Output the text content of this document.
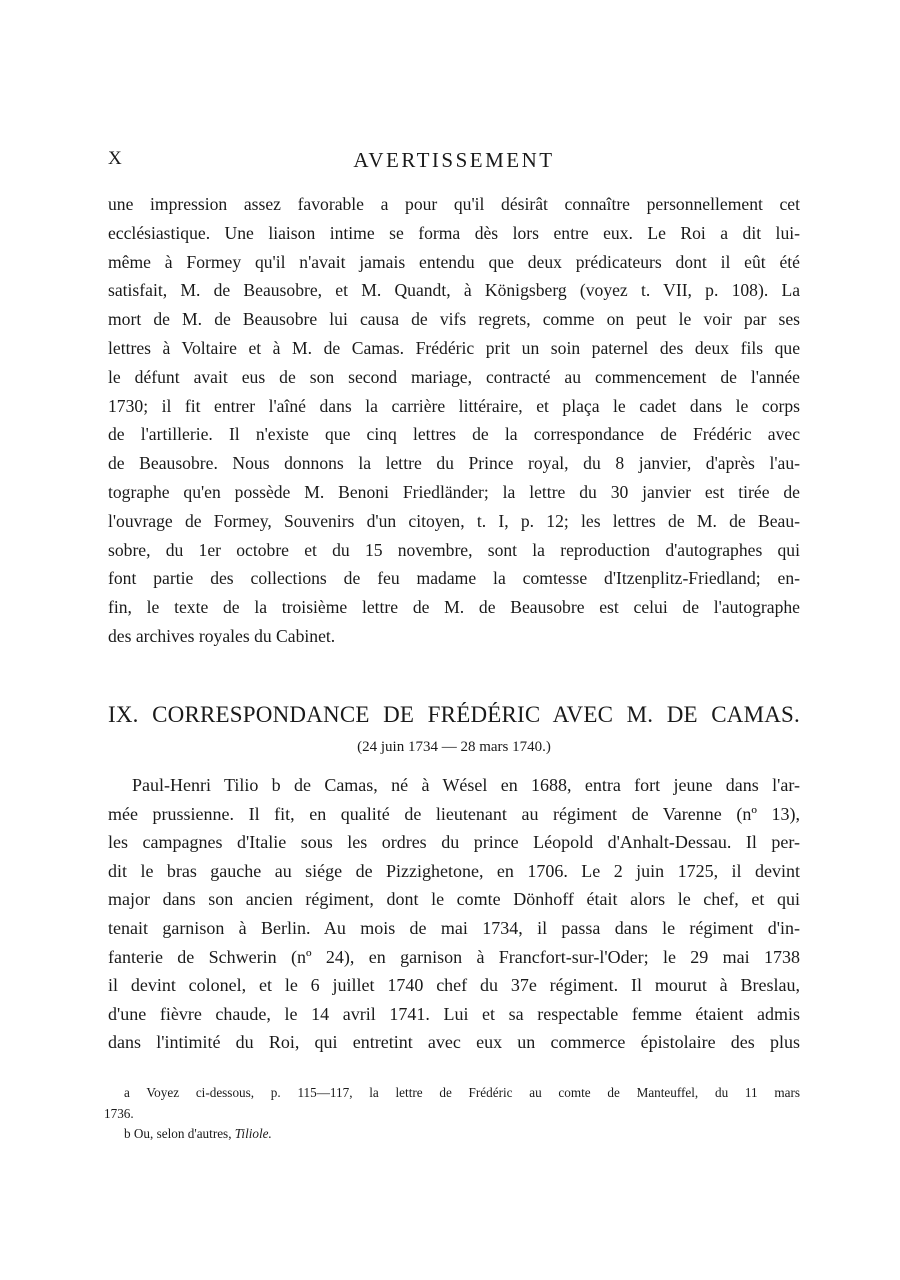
X	AVERTISSEMENT
une impression assez favorable a pour qu'il désirât connaître personnellement cet
ecclésiastique. Une liaison intime se forma dès lors entre eux. Le Roi a dit lui-
même à Formey qu'il n'avait jamais entendu que deux prédicateurs dont il eût été
satisfait, M. de Beausobre, et M. Quandt, à Königsberg (voyez t. VII, p. 108). La
mort de M. de Beausobre lui causa de vifs regrets, comme on peut le voir par ses
lettres à Voltaire et à M. de Camas. Frédéric prit un soin paternel des deux fils que
le défunt avait eus de son second mariage, contracté au commencement de l'année
1730; il fit entrer l'aîné dans la carrière littéraire, et plaça le cadet dans le corps
de l'artillerie. Il n'existe que cinq lettres de la correspondance de Frédéric avec
de Beausobre. Nous donnons la lettre du Prince royal, du 8 janvier, d'après l'au-
tographe qu'en possède M. Benoni Friedländer; la lettre du 30 janvier est tirée de
l'ouvrage de Formey, Souvenirs d'un citoyen, t. I, p. 12; les lettres de M. de Beau-
sobre, du 1er octobre et du 15 novembre, sont la reproduction d'autographes qui
font partie des collections de feu madame la comtesse d'Itzenplitz-Friedland; en-
fin, le texte de la troisième lettre de M. de Beausobre est celui de l'autographe
des archives royales du Cabinet.
IX. CORRESPONDANCE DE FRÉDÉRIC AVEC M. DE CAMAS.
(24 juin 1734 — 28 mars 1740.)
Paul-Henri Tilio b de Camas, né à Wésel en 1688, entra fort jeune dans l'ar-
mée prussienne. Il fit, en qualité de lieutenant au régiment de Varenne (nº 13),
les campagnes d'Italie sous les ordres du prince Léopold d'Anhalt-Dessau. Il per-
dit le bras gauche au siége de Pizzighetone, en 1706. Le 2 juin 1725, il devint
major dans son ancien régiment, dont le comte Dönhoff était alors le chef, et qui
tenait garnison à Berlin. Au mois de mai 1734, il passa dans le régiment d'in-
fanterie de Schwerin (nº 24), en garnison à Francfort-sur-l'Oder; le 29 mai 1738
il devint colonel, et le 6 juillet 1740 chef du 37e régiment. Il mourut à Breslau,
d'une fièvre chaude, le 14 avril 1741. Lui et sa respectable femme étaient admis
dans l'intimité du Roi, qui entretint avec eux un commerce épistolaire des plus
a Voyez ci-dessous, p. 115—117, la lettre de Frédéric au comte de Manteuffel, du 11 mars
1736.
b Ou, selon d'autres, Tiliole.
